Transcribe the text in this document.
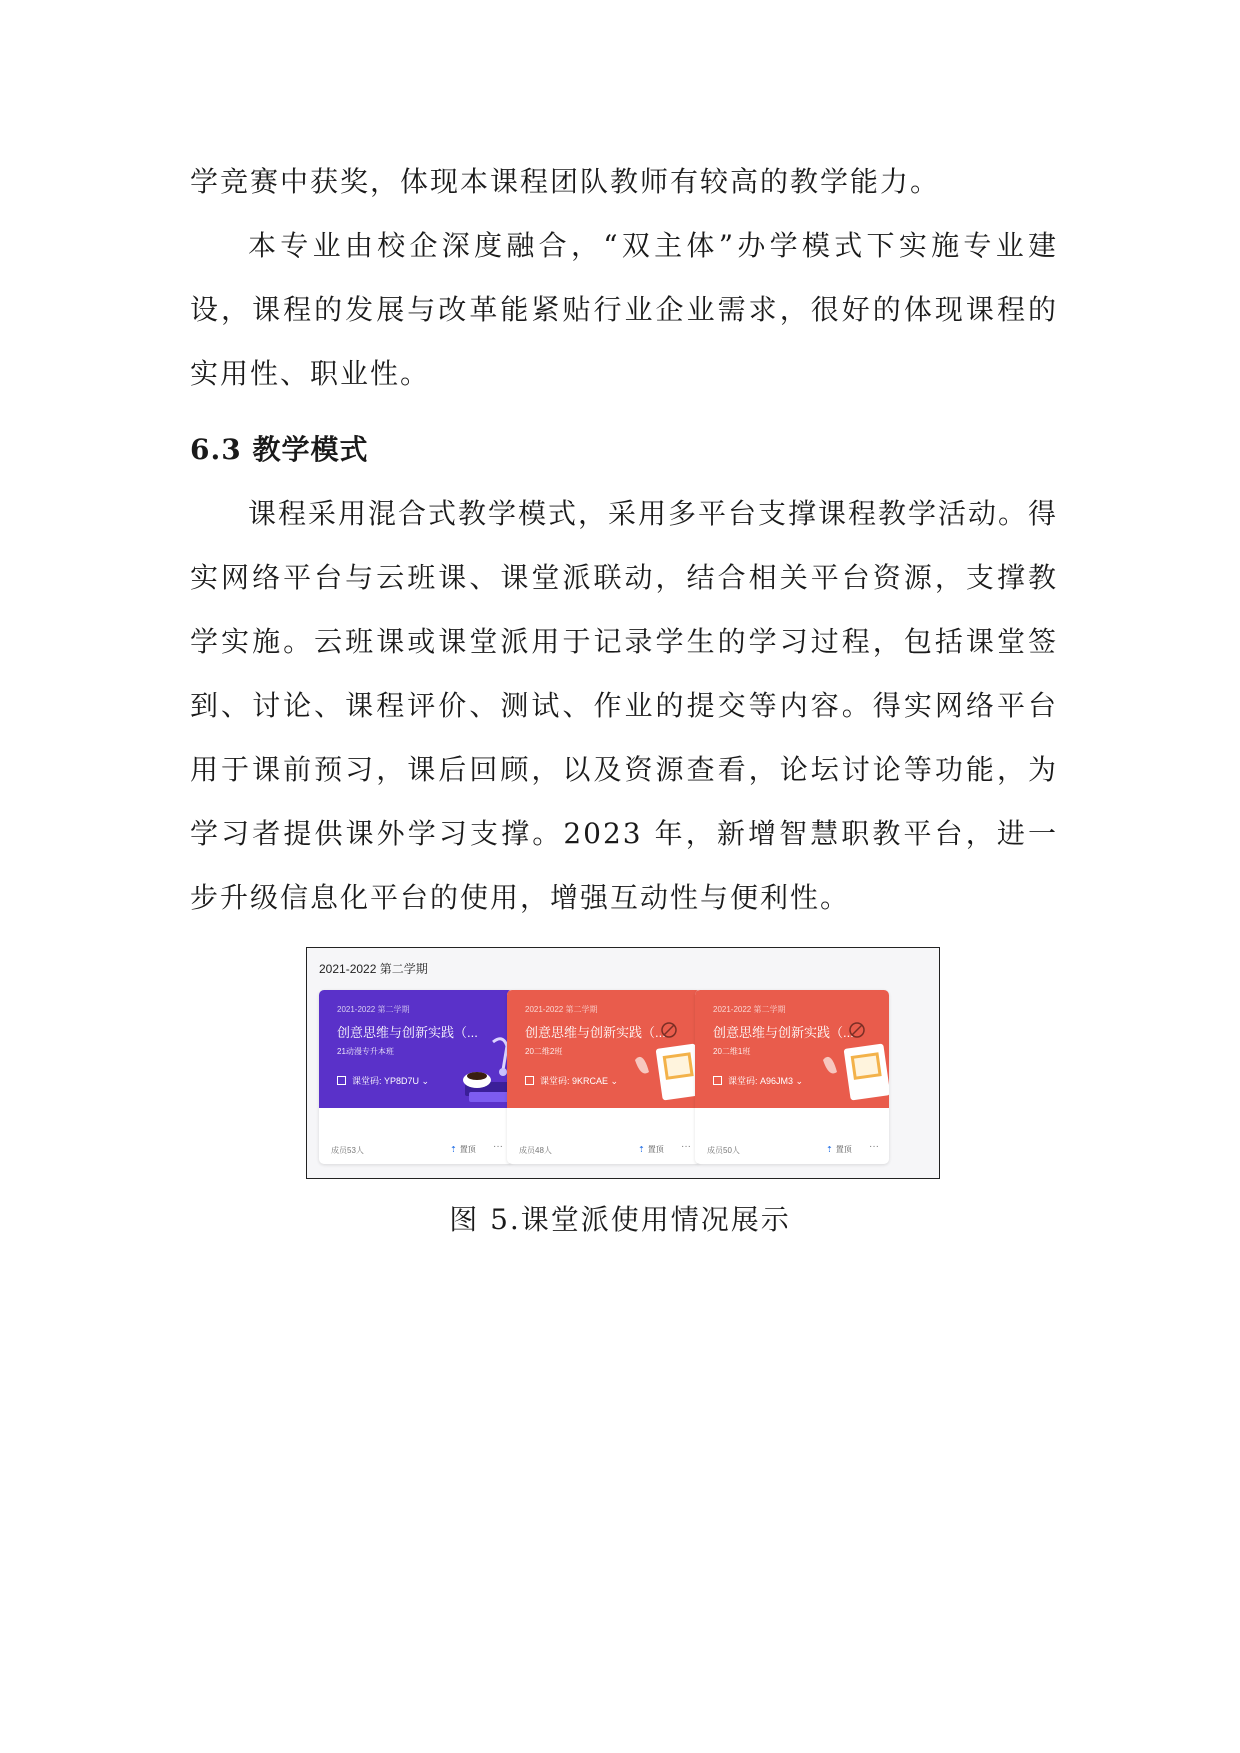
学竞赛中获奖，体现本课程团队教师有较高的教学能力。

本专业由校企深度融合，“双主体”办学模式下实施专业建设，课程的发展与改革能紧贴行业企业需求，很好的体现课程的实用性、职业性。

6.3 教学模式

课程采用混合式教学模式，采用多平台支撑课程教学活动。得实网络平台与云班课、课堂派联动，结合相关平台资源，支撑教学实施。云班课或课堂派用于记录学生的学习过程，包括课堂签到、讨论、课程评价、测试、作业的提交等内容。得实网络平台用于课前预习，课后回顾，以及资源查看，论坛讨论等功能，为学习者提供课外学习支撑。2023 年，新增智慧职教平台，进一步升级信息化平台的使用，增强互动性与便利性。

2021-2022 第二学期
2021-2022 第二学期
创意思维与创新实践（...
21动漫专升本班
课堂码: YP8D7U ⌄
成员53人	⇡ 置顶 ···
2021-2022 第二学期
创意思维与创新实践（...
20二维2班
课堂码: 9KRCAE ⌄
成员48人	⇡ 置顶 ···
2021-2022 第二学期
创意思维与创新实践（...
20二维1班
课堂码: A96JM3 ⌄
成员50人	⇡ 置顶 ···
图 5.课堂派使用情况展示
